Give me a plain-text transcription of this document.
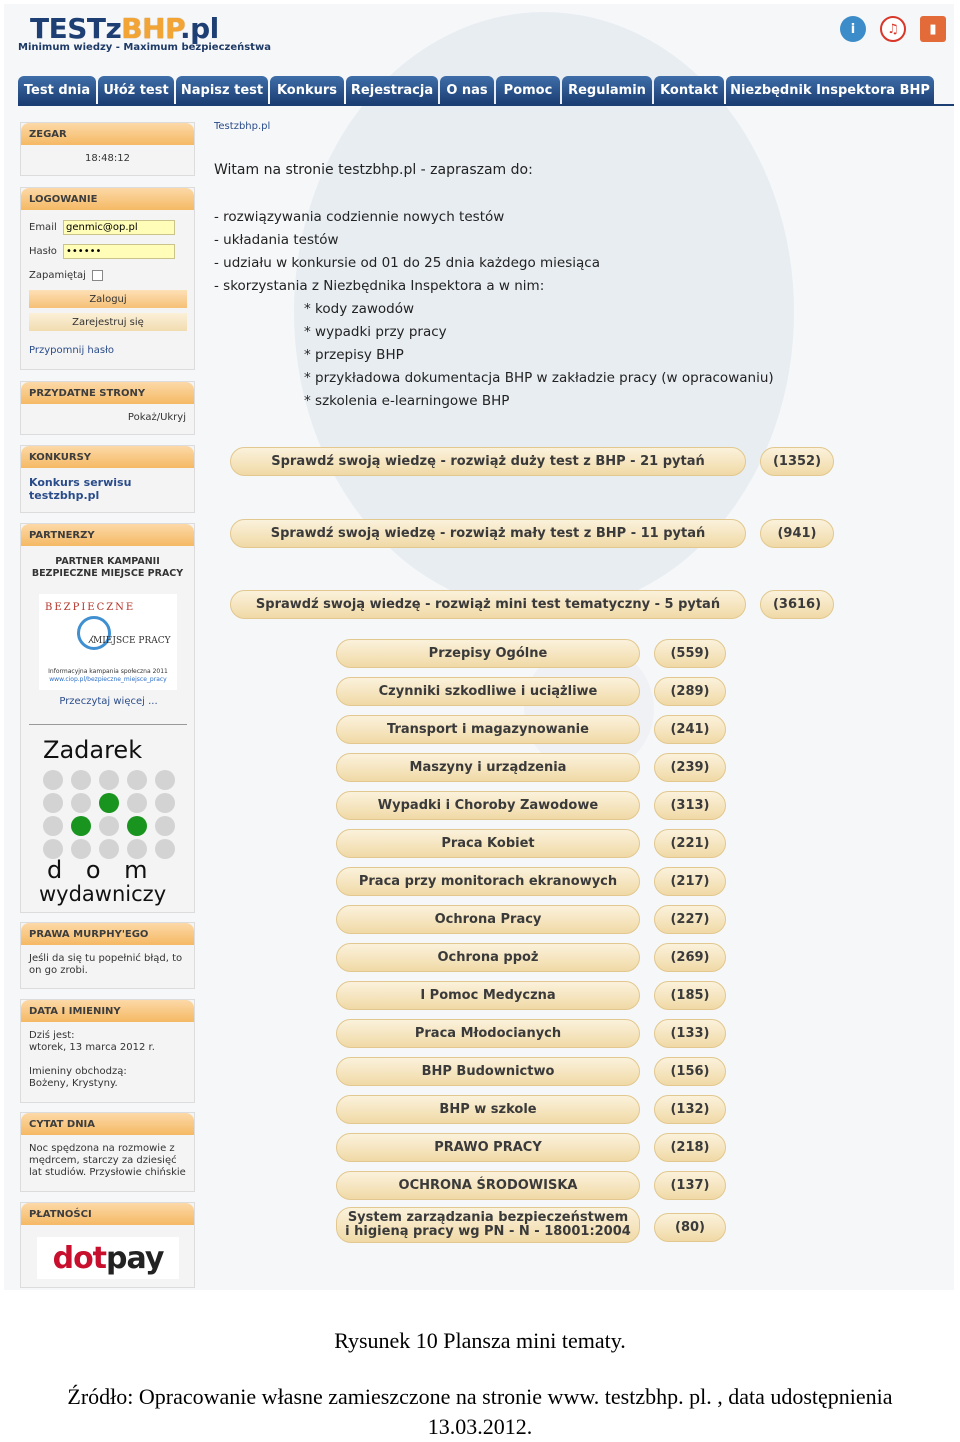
TESTzBHP.pl
Minimum wiedzy - Maximum bezpieczeństwa
i	♫	▮
Test dnia	Ułóż test Napisz test	Konkurs	Rejestracja	O nas	Pomoc	Regulamin	Kontakt Niezbędnik Inspektora BHP
ZEGAR
18:48:12
LOGOWANIE
Email genmic@op.pl
Hasło ••••••
Zapamiętaj
Zaloguj
Zarejestruj się
Przypomnij hasło
PRZYDATNE STRONY
Pokaż/Ukryj
KONKURSY
Konkurs serwisu testzbhp.pl
PARTNERZY
PARTNER KAMPANII
BEZPIECZNE MIEJSCE PRACY
BEZPIECZNE
⁁ MIEJSCE PRACY
Informacyjna kampania społeczna 2011
www.ciop.pl/bezpieczne_miejsce_pracy
Przeczytaj więcej ...
Zadarek
d o m
wydawniczy
PRAWA MURPHY'EGO
Jeśli da się tu popełnić błąd, to on go zrobi.
DATA I IMIENINY
Dziś jest:
wtorek, 13 marca 2012 r.
Imieniny obchodzą:
Bożeny, Krystyny.
CYTAT DNIA
Noc spędzona na rozmowie z mędrcem, starczy za dziesięć lat studiów. Przysłowie chińskie
PŁATNOŚCI
dot pay
Testzbhp.pl
Witam na stronie testzbhp.pl - zapraszam do:
- rozwiązywania codziennie nowych testów
- układania testów
- udziału w konkursie od 01 do 25 dnia każdego miesiąca
- skorzystania z Niezbędnika Inspektora a w nim:
* kody zawodów
* wypadki przy pracy
* przepisy BHP
* przykładowa dokumentacja BHP w zakładzie pracy (w opracowaniu)
* szkolenia e-learningowe BHP
Sprawdź swoją wiedzę - rozwiąż duży test z BHP - 21 pytań	(1352)
Sprawdź swoją wiedzę - rozwiąż mały test z BHP - 11 pytań	(941)
Sprawdź swoją wiedzę - rozwiąż mini test tematyczny - 5 pytań	(3616)
Przepisy Ogólne	(559)
Czynniki szkodliwe i uciążliwe	(289)
Transport i magazynowanie	(241)
Maszyny i urządzenia	(239)
Wypadki i Choroby Zawodowe	(313)
Praca Kobiet	(221)
Praca przy monitorach ekranowych	(217)
Ochrona Pracy	(227)
Ochrona ppoż	(269)
I Pomoc Medyczna	(185)
Praca Młodocianych	(133)
BHP Budownictwo	(156)
BHP w szkole	(132)
PRAWO PRACY	(218)
OCHRONA ŚRODOWISKA	(137)
System zarządzania bezpieczeństwem
i higieną pracy wg PN - N - 18001:2004	(80)
Rysunek 10 Plansza mini tematy.
Źródło: Opracowanie własne zamieszczone na stronie www. testzbhp. pl. , data udostępnienia
13.03.2012.
